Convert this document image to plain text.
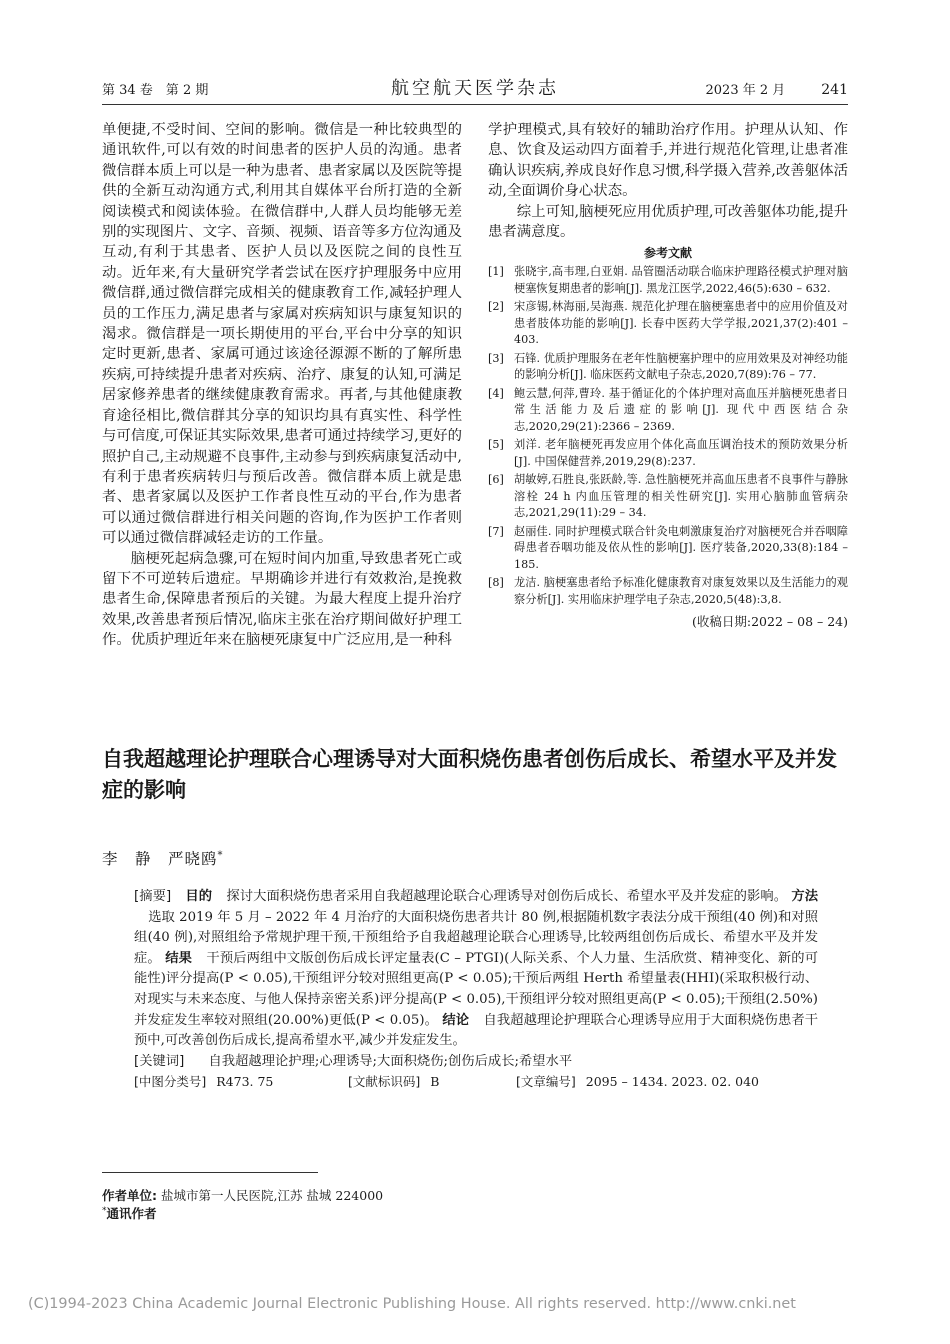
第 34 卷　第 2 期	航空航天医学杂志	2023 年 2 月	241

单便捷,不受时间、空间的影响。微信是一种比较典型的通讯软件,可以有效的时间患者的医护人员的沟通。患者微信群本质上可以是一种为患者、患者家属以及医院等提供的全新互动沟通方式,利用其自媒体平台所打造的全新阅读模式和阅读体验。在微信群中,人群人员均能够无差别的实现图片、文字、音频、视频、语音等多方位沟通及互动,有利于其患者、医护人员以及医院之间的良性互动。近年来,有大量研究学者尝试在医疗护理服务中应用微信群,通过微信群完成相关的健康教育工作,减轻护理人员的工作压力,满足患者与家属对疾病知识与康复知识的渴求。微信群是一项长期使用的平台,平台中分享的知识定时更新,患者、家属可通过该途径源源不断的了解所患疾病,可持续提升患者对疾病、治疗、康复的认知,可满足居家修养患者的继续健康教育需求。再者,与其他健康教育途径相比,微信群其分享的知识均具有真实性、科学性与可信度,可保证其实际效果,患者可通过持续学习,更好的照护自己,主动规避不良事件,主动参与到疾病康复活动中,有利于患者疾病转归与预后改善。微信群本质上就是患者、患者家属以及医护工作者良性互动的平台,作为患者可以通过微信群进行相关问题的咨询,作为医护工作者则可以通过微信群减轻走访的工作量。

脑梗死起病急骤,可在短时间内加重,导致患者死亡或留下不可逆转后遗症。早期确诊并进行有效救治,是挽救患者生命,保障患者预后的关键。为最大程度上提升治疗效果,改善患者预后情况,临床主张在治疗期间做好护理工作。优质护理近年来在脑梗死康复中广泛应用,是一种科

学护理模式,具有较好的辅助治疗作用。护理从认知、作息、饮食及运动四方面着手,并进行规范化管理,让患者准确认识疾病,养成良好作息习惯,科学摄入营养,改善躯体活动,全面调价身心状态。

综上可知,脑梗死应用优质护理,可改善躯体功能,提升患者满意度。

参考文献
[1] 张晓宇,高韦理,白亚娟. 品管圈活动联合临床护理路径模式护理对脑梗塞恢复期患者的影响[J]. 黑龙江医学,2022,46(5):630 – 632.
[2] 宋彦锡,林海丽,吴海燕. 规范化护理在脑梗塞患者中的应用价值及对患者肢体功能的影响[J]. 长春中医药大学学报,2021,37(2):401 – 403.
[3] 石锋. 优质护理服务在老年性脑梗塞护理中的应用效果及对神经功能的影响分析[J]. 临床医药文献电子杂志,2020,7(89):76 – 77.
[4] 鲍云慧,何萍,曹玲. 基于循证化的个体护理对高血压并脑梗死患者日常生活能力及后遗症的影响[J]. 现代中西医结合杂志,2020,29(21):2366 – 2369.
[5] 刘洋. 老年脑梗死再发应用个体化高血压调治技术的预防效果分析[J]. 中国保健营养,2019,29(8):237.
[6] 胡敏婷,石胜良,张跃龄,等. 急性脑梗死并高血压患者不良事件与静脉溶栓 24 h 内血压管理的相关性研究[J]. 实用心脑肺血管病杂志,2021,29(11):29 – 34.
[7] 赵丽佳. 同时护理模式联合针灸电刺激康复治疗对脑梗死合并吞咽障碍患者吞咽功能及依从性的影响[J]. 医疗装备,2020,33(8):184 – 185.
[8] 龙洁. 脑梗塞患者给予标准化健康教育对康复效果以及生活能力的观察分析[J]. 实用临床护理学电子杂志,2020,5(48):3,8.
(收稿日期:2022 – 08 – 24)
自我超越理论护理联合心理诱导对大面积烧伤患者创伤后成长、希望水平及并发症的影响
李　静　严晓鸥*
[摘要] 目的 探讨大面积烧伤患者采用自我超越理论联合心理诱导对创伤后成长、希望水平及并发症的影响。 方法 选取 2019 年 5 月 – 2022 年 4 月治疗的大面积烧伤患者共计 80 例,根据随机数字表法分成干预组(40 例)和对照组(40 例),对照组给予常规护理干预,干预组给予自我超越理论联合心理诱导,比较两组创伤后成长、希望水平及并发症。 结果 干预后两组中文版创伤后成长评定量表(C – PTGI)(人际关系、个人力量、生活欣赏、精神变化、新的可能性)评分提高(P < 0.05),干预组评分较对照组更高(P < 0.05);干预后两组 Herth 希望量表(HHI)(采取积极行动、对现实与未来态度、与他人保持亲密关系)评分提高(P < 0.05),干预组评分较对照组更高(P < 0.05);干预组(2.50%)并发症发生率较对照组(20.00%)更低(P < 0.05)。 结论 自我超越理论护理联合心理诱导应用于大面积烧伤患者干预中,可改善创伤后成长,提高希望水平,减少并发症发生。
[关键词] 自我超越理论护理;心理诱导;大面积烧伤;创伤后成长;希望水平
[中图分类号] R473. 75	[文献标识码] B	[文章编号] 2095 – 1434. 2023. 02. 040
作者单位: 盐城市第一人民医院,江苏 盐城 224000
*通讯作者
(C)1994-2023 China Academic Journal Electronic Publishing House. All rights reserved. http://www.cnki.net
